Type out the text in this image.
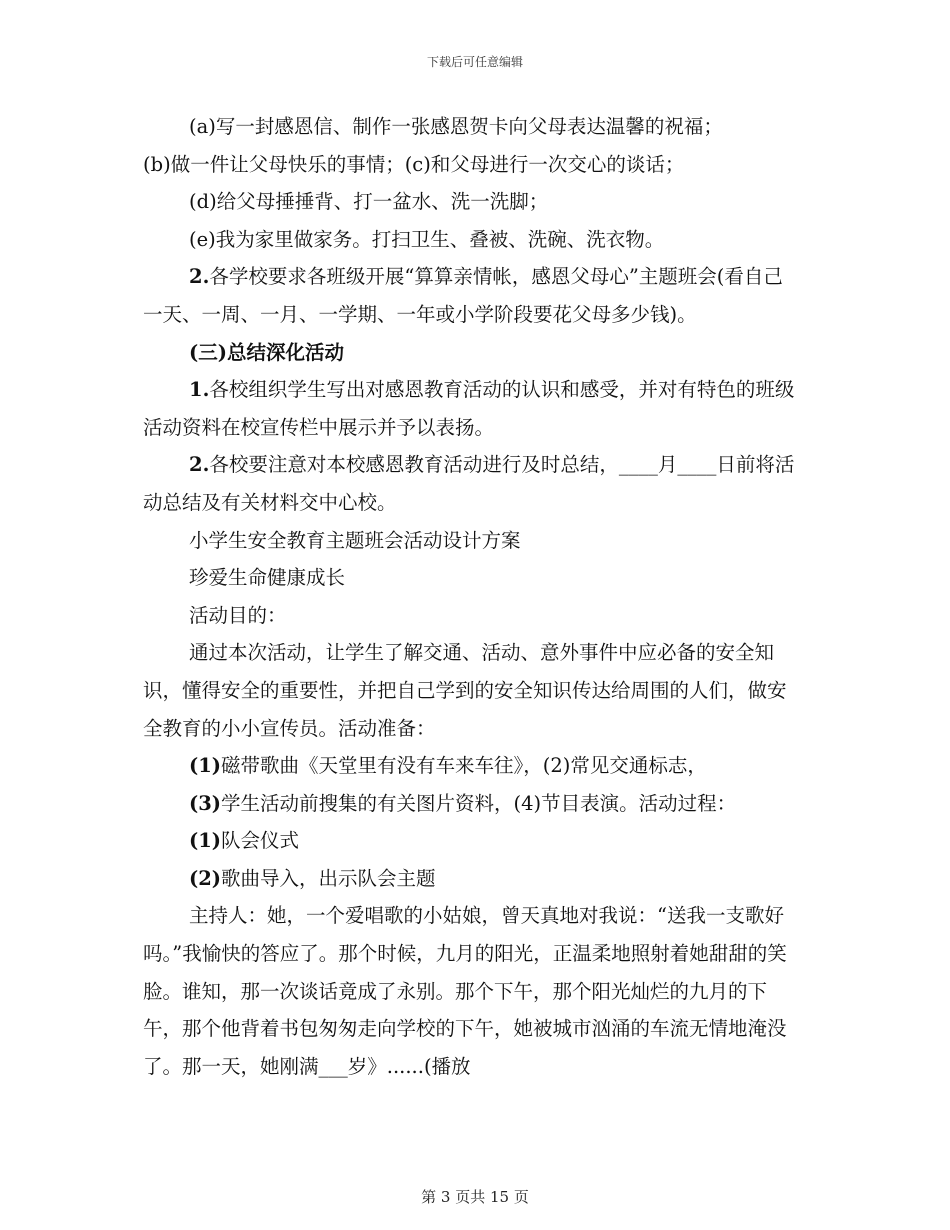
下载后可任意编辑

(a)写一封感恩信、制作一张感恩贺卡向父母表达温馨的祝福；

(b)做一件让父母快乐的事情；(c)和父母进行一次交心的谈话；

(d)给父母捶捶背、打一盆水、洗一洗脚；

(e)我为家里做家务。打扫卫生、叠被、洗碗、洗衣物。

2.各学校要求各班级开展“算算亲情帐，感恩父母心”主题班会(看自己一天、一周、一月、一学期、一年或小学阶段要花父母多少钱)。

(三)总结深化活动

1.各校组织学生写出对感恩教育活动的认识和感受，并对有特色的班级活动资料在校宣传栏中展示并予以表扬。

2.各校要注意对本校感恩教育活动进行及时总结，____月____日前将活动总结及有关材料交中心校。

小学生安全教育主题班会活动设计方案

珍爱生命健康成长

活动目的：

通过本次活动，让学生了解交通、活动、意外事件中应必备的安全知识，懂得安全的重要性，并把自己学到的安全知识传达给周围的人们，做安全教育的小小宣传员。活动准备：

(1)磁带歌曲《天堂里有没有车来车往》，(2)常见交通标志，

(3)学生活动前搜集的有关图片资料，(4)节目表演。活动过程：

(1)队会仪式

(2)歌曲导入，出示队会主题

主持人：她，一个爱唱歌的小姑娘，曾天真地对我说：“送我一支歌好吗。”我愉快的答应了。那个时候，九月的阳光，正温柔地照射着她甜甜的笑脸。谁知，那一次谈话竟成了永别。那个下午，那个阳光灿烂的九月的下午，那个他背着书包匆匆走向学校的下午，她被城市汹涌的车流无情地淹没了。那一天，她刚满___岁》......(播放

第 3 页共 15 页
